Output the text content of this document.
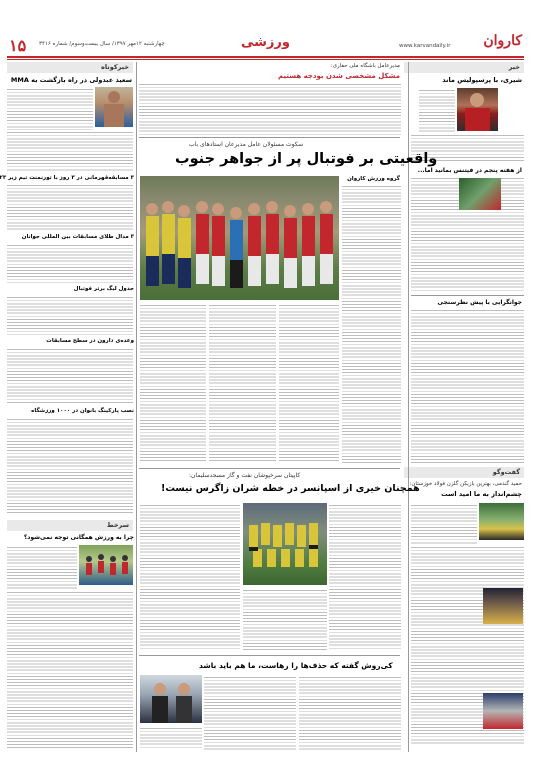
۱۵ چهارشنبه ۱۲مهر ۱۳۹۷/ سال بیست‌وسوم/ شماره ۳۴۱۶	ورزشی	www.karvandaily.ir کاروان
خبر
شیری، با پرسپولیس ماند
از هفته پنجم در فیتنس بمانید اما...
جوانگرایی با پیش نظرسنجی
گفت‌وگو
حمید گندمی، بهترین بازیکن گلزن فولاد خوزستان:
چشم‌انداز به ما امید است
مدیرعامل باشگاه ملی حفاری:
مشکل مشخصی شدن بودجه هستیم
سکوت مسئولان عامل مدیرعان استادهای باب
واقعیتی بر فوتبال پر از جواهر جنوب
گروه ورزش کاروان
کاپیتان سرخپوشان نفت و گاز مسجدسلیمان:
همچنان خیری از اسپانسر در خطه شران زاگرس نیست!
کی‌روش گفته که حذف‌ها را رهاست، ما هم باید باشد
خبرکوتاه
سعید عبدولی در راه بازگشت به MMA
۳ مسابقه‌قهرمانی در ۳ روز با تورنمنت تیم زیر ۲۳
۳ مدال طلای مسابقات بین المللی جوانان
جدول لیگ برتر فوتبال
وعده‌ی دارون در سطح مسابقات
نصب پارکینگ بانوان در ۱۰۰۰ ورزشگاه
سرخط
چرا به ورزش همگانی توجه نمی‌شود؟
